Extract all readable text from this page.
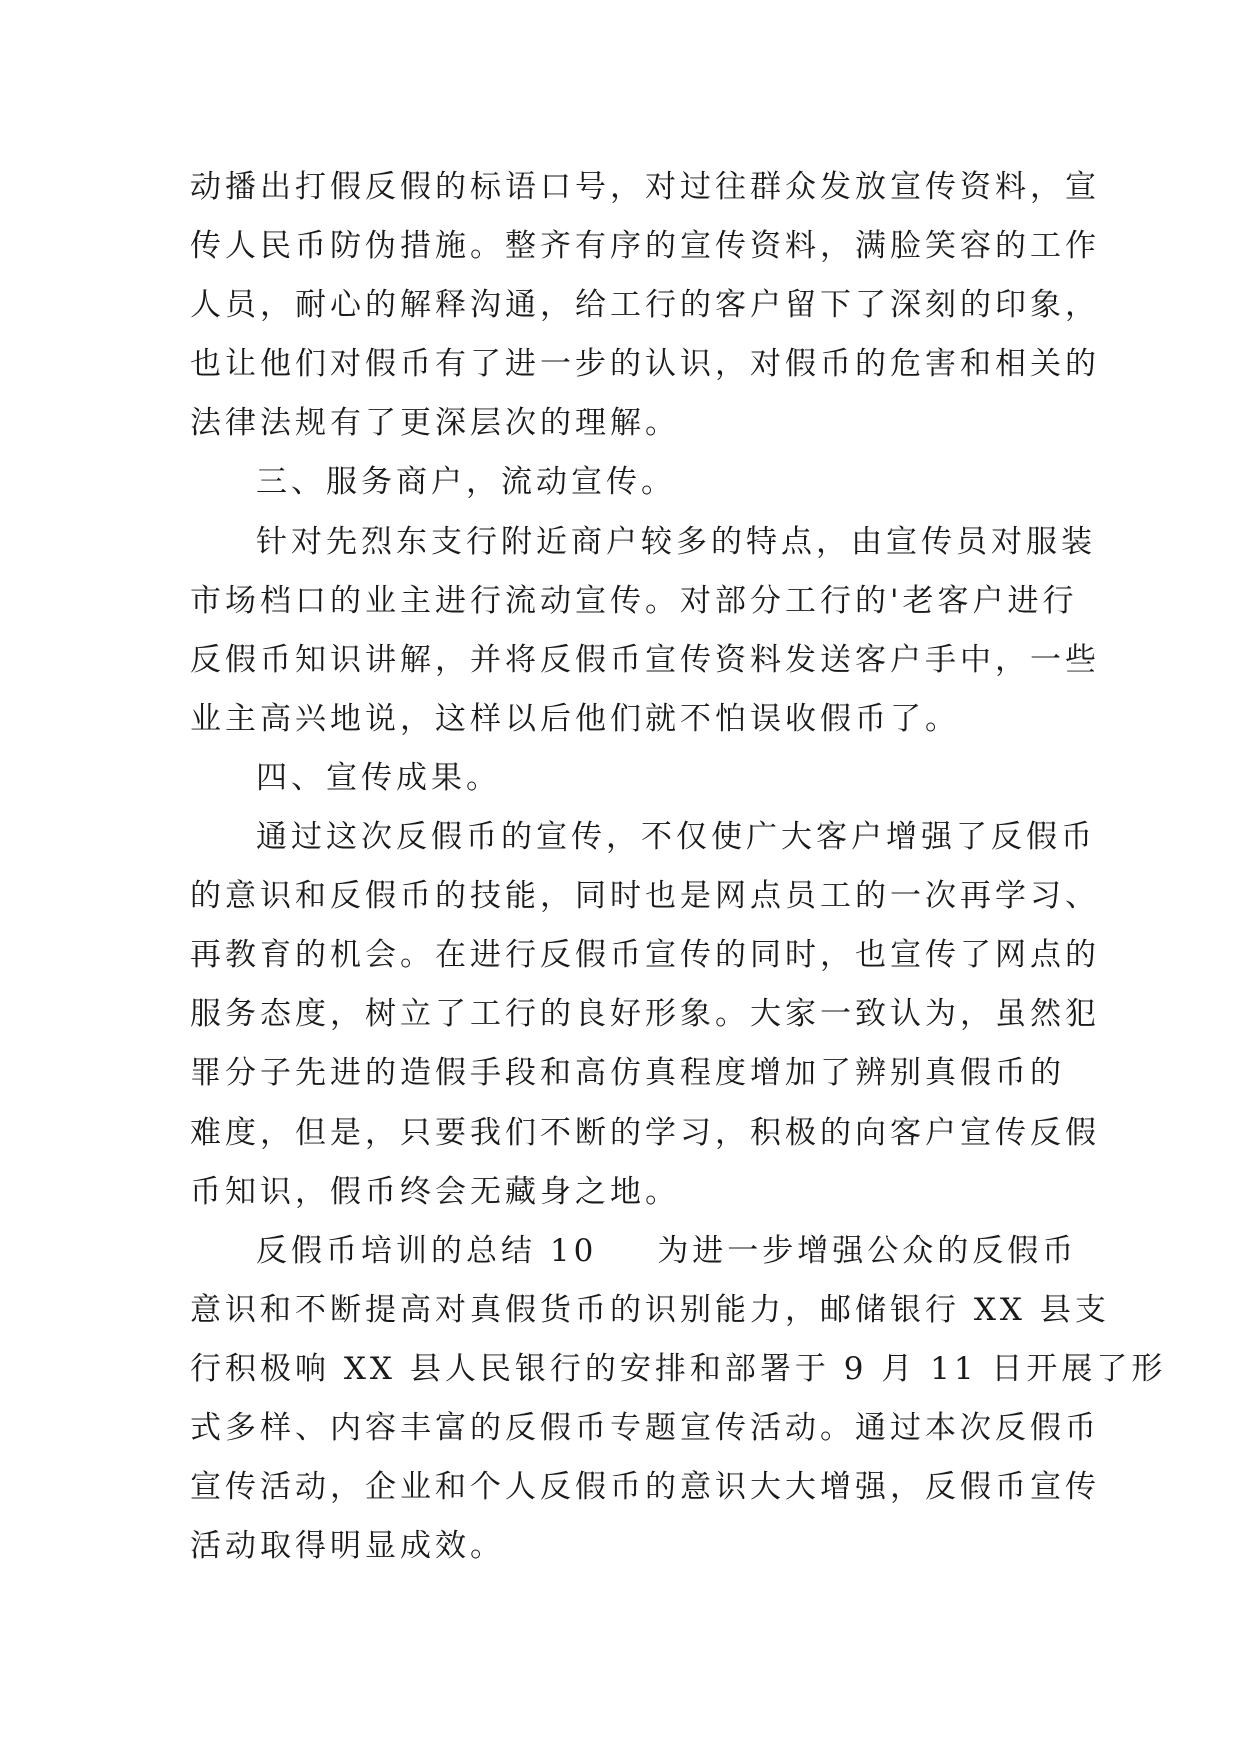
动播出打假反假的标语口号，对过往群众发放宣传资料，宣
传人民币防伪措施。整齐有序的宣传资料，满脸笑容的工作
人员，耐心的解释沟通，给工行的客户留下了深刻的印象，
也让他们对假币有了进一步的认识，对假币的危害和相关的
法律法规有了更深层次的理解。
三、服务商户，流动宣传。
针对先烈东支行附近商户较多的特点，由宣传员对服装
市场档口的业主进行流动宣传。对部分工行的'老客户进行
反假币知识讲解，并将反假币宣传资料发送客户手中，一些
业主高兴地说，这样以后他们就不怕误收假币了。
四、宣传成果。
通过这次反假币的宣传，不仅使广大客户增强了反假币
的意识和反假币的技能，同时也是网点员工的一次再学习、
再教育的机会。在进行反假币宣传的同时，也宣传了网点的
服务态度，树立了工行的良好形象。大家一致认为，虽然犯
罪分子先进的造假手段和高仿真程度增加了辨别真假币的
难度，但是，只要我们不断的学习，积极的向客户宣传反假
币知识，假币终会无藏身之地。
反假币培训的总结 10 为进一步增强公众的反假币
意识和不断提高对真假货币的识别能力，邮储银行 XX 县支
行积极响 XX 县人民银行的安排和部署于 9 月 11 日开展了形
式多样、内容丰富的反假币专题宣传活动。通过本次反假币
宣传活动，企业和个人反假币的意识大大增强，反假币宣传
活动取得明显成效。
